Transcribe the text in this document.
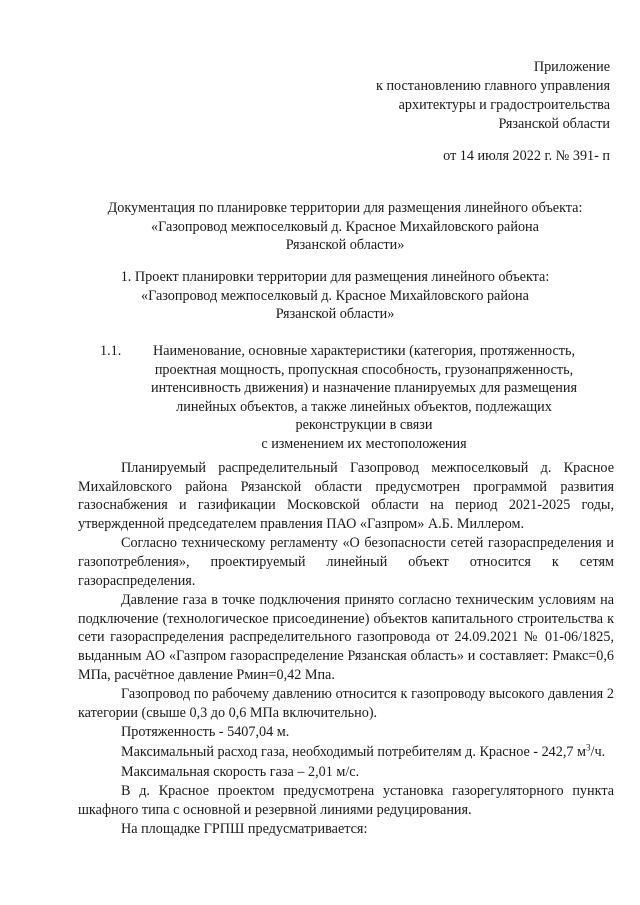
Приложение
к постановлению главного управления
архитектуры и градостроительства
Рязанской области
от 14 июля 2022 г. № 391- п
Документация по планировке территории для размещения линейного объекта:
«Газопровод межпоселковый д. Красное Михайловского района
Рязанской области»
1. Проект планировки территории для размещения линейного объекта:
«Газопровод межпоселковый д. Красное Михайловского района
Рязанской области»
1.1.	Наименование, основные характеристики (категория, протяженность,
проектная мощность, пропускная способность, грузонапряженность,
интенсивность движения) и назначение планируемых для размещения
линейных объектов, а также линейных объектов, подлежащих
реконструкции в связи
с изменением их местоположения

Планируемый распределительный Газопровод межпоселковый д. Красное Михайловского района Рязанской области предусмотрен программой развития газоснабжения и газификации Московской области на период 2021-2025 годы, утвержденной председателем правления ПАО «Газпром» А.Б. Миллером.

Согласно техническому регламенту «О безопасности сетей газораспределения и газопотребления», проектируемый линейный объект относится к сетям газораспределения.

Давление газа в точке подключения принято согласно техническим условиям на подключение (технологическое присоединение) объектов капитального строительства к сети газораспределения распределительного газопровода от 24.09.2021 № 01-06/1825, выданным АО «Газпром газораспределение Рязанская область» и составляет: Рмакс=0,6 МПа, расчётное давление Рмин=0,42 Мпа.

Газопровод по рабочему давлению относится к газопроводу высокого давления 2 категории (свыше 0,3 до 0,6 МПа включительно).

Протяженность - 5407,04 м.

Максимальный расход газа, необходимый потребителям д. Красное - 242,7 $м^3/ч$.

Максимальная скорость газа – 2,01 м/с.

В д. Красное проектом предусмотрена установка газорегуляторного пункта шкафного типа с основной и резервной линиями редуцирования.

На площадке ГРПШ предусматривается:
